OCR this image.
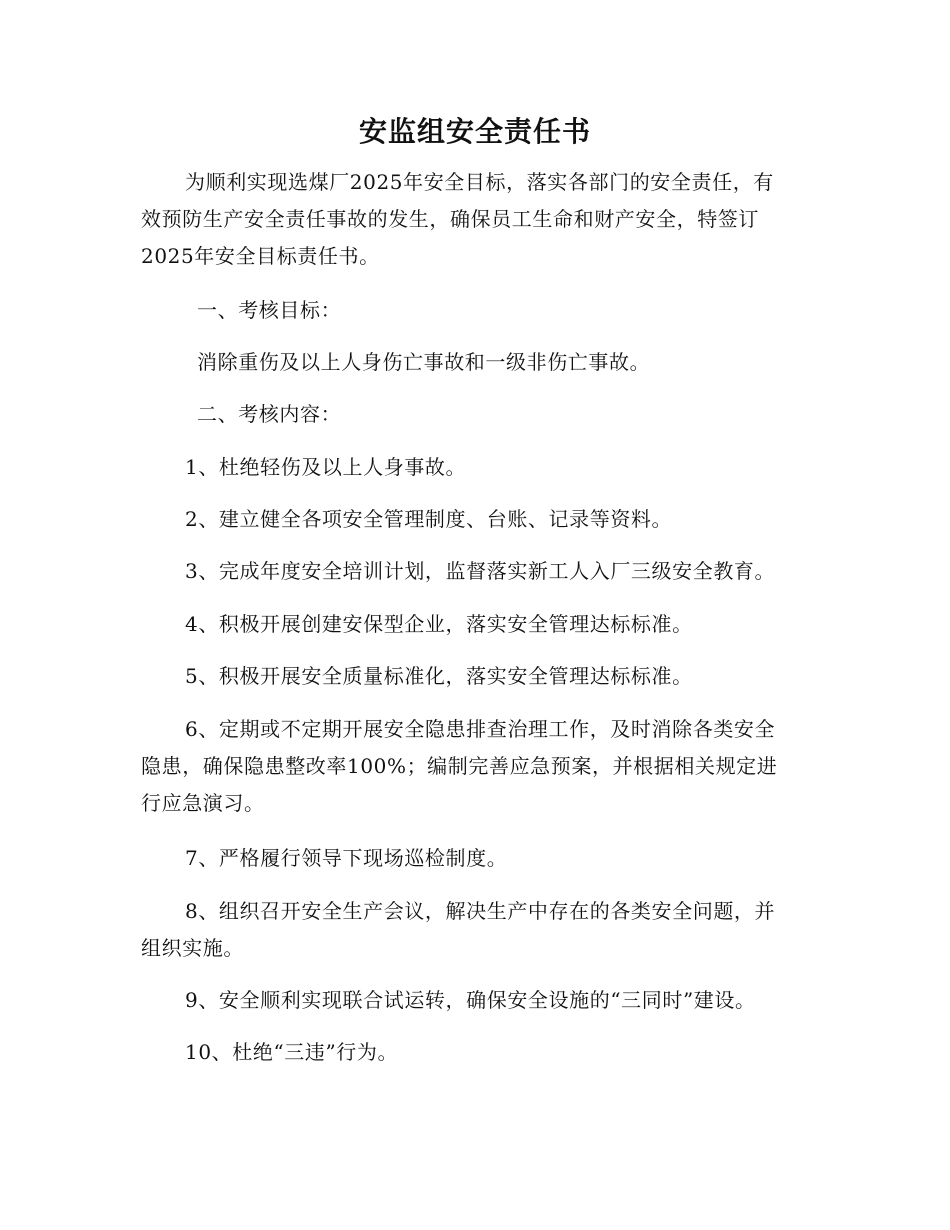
安监组安全责任书
为顺利实现选煤厂2025年安全目标，落实各部门的安全责任，有
效预防生产安全责任事故的发生，确保员工生命和财产安全，特签订
2025年安全目标责任书。
一、考核目标：
消除重伤及以上人身伤亡事故和一级非伤亡事故。
二、考核内容：
1、杜绝轻伤及以上人身事故。
2、建立健全各项安全管理制度、台账、记录等资料。
3、完成年度安全培训计划，监督落实新工人入厂三级安全教育。
4、积极开展创建安保型企业，落实安全管理达标标准。
5、积极开展安全质量标准化，落实安全管理达标标准。
6、定期或不定期开展安全隐患排查治理工作，及时消除各类安全
隐患，确保隐患整改率100%；编制完善应急预案，并根据相关规定进
行应急演习。
7、严格履行领导下现场巡检制度。
8、组织召开安全生产会议，解决生产中存在的各类安全问题，并
组织实施。
9、安全顺利实现联合试运转，确保安全设施的“三同时”建设。
10、杜绝“三违”行为。
